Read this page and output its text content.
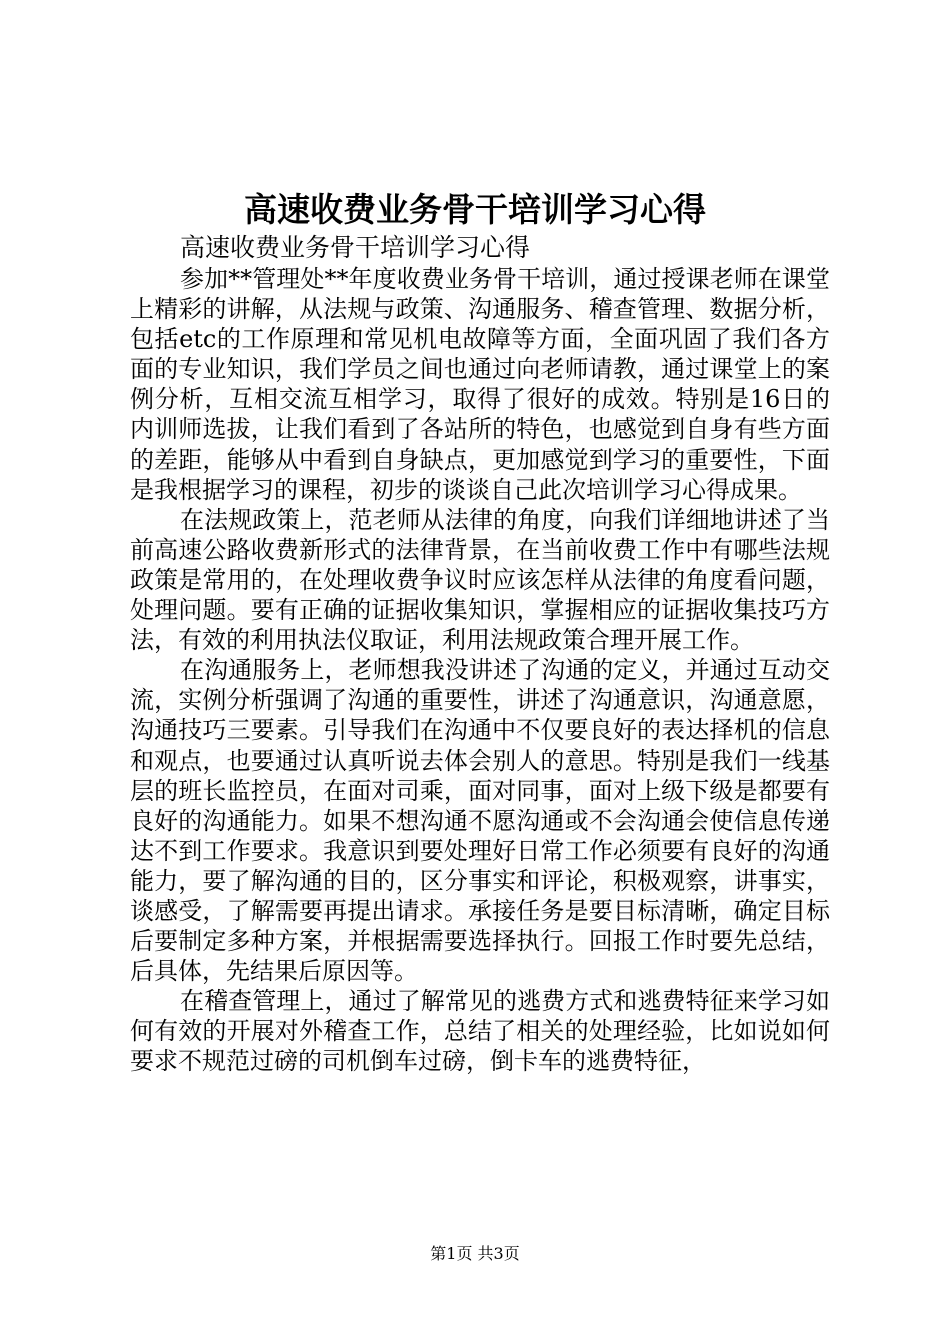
高速收费业务骨干培训学习心得

高速收费业务骨干培训学习心得

参加**管理处**年度收费业务骨干培训，通过授课老师在课堂上精彩的讲解，从法规与政策、沟通服务、稽查管理、数据分析，包括etc的工作原理和常见机电故障等方面，全面巩固了我们各方面的专业知识，我们学员之间也通过向老师请教，通过课堂上的案例分析，互相交流互相学习，取得了很好的成效。特别是16日的内训师选拔，让我们看到了各站所的特色，也感觉到自身有些方面的差距，能够从中看到自身缺点，更加感觉到学习的重要性，下面是我根据学习的课程，初步的谈谈自己此次培训学习心得成果。

在法规政策上，范老师从法律的角度，向我们详细地讲述了当前高速公路收费新形式的法律背景，在当前收费工作中有哪些法规政策是常用的，在处理收费争议时应该怎样从法律的角度看问题，处理问题。要有正确的证据收集知识，掌握相应的证据收集技巧方法，有效的利用执法仪取证，利用法规政策合理开展工作。

在沟通服务上，老师想我没讲述了沟通的定义，并通过互动交流，实例分析强调了沟通的重要性，讲述了沟通意识，沟通意愿，沟通技巧三要素。引导我们在沟通中不仅要良好的表达择机的信息和观点，也要通过认真听说去体会别人的意思。特别是我们一线基层的班长监控员，在面对司乘，面对同事，面对上级下级是都要有良好的沟通能力。如果不想沟通不愿沟通或不会沟通会使信息传递达不到工作要求。我意识到要处理好日常工作必须要有良好的沟通能力，要了解沟通的目的，区分事实和评论，积极观察，讲事实，谈感受，了解需要再提出请求。承接任务是要目标清晰，确定目标后要制定多种方案，并根据需要选择执行。回报工作时要先总结，后具体，先结果后原因等。

在稽查管理上，通过了解常见的逃费方式和逃费特征来学习如何有效的开展对外稽查工作，总结了相关的处理经验，比如说如何要求不规范过磅的司机倒车过磅，倒卡车的逃费特征，

第1页 共3页
